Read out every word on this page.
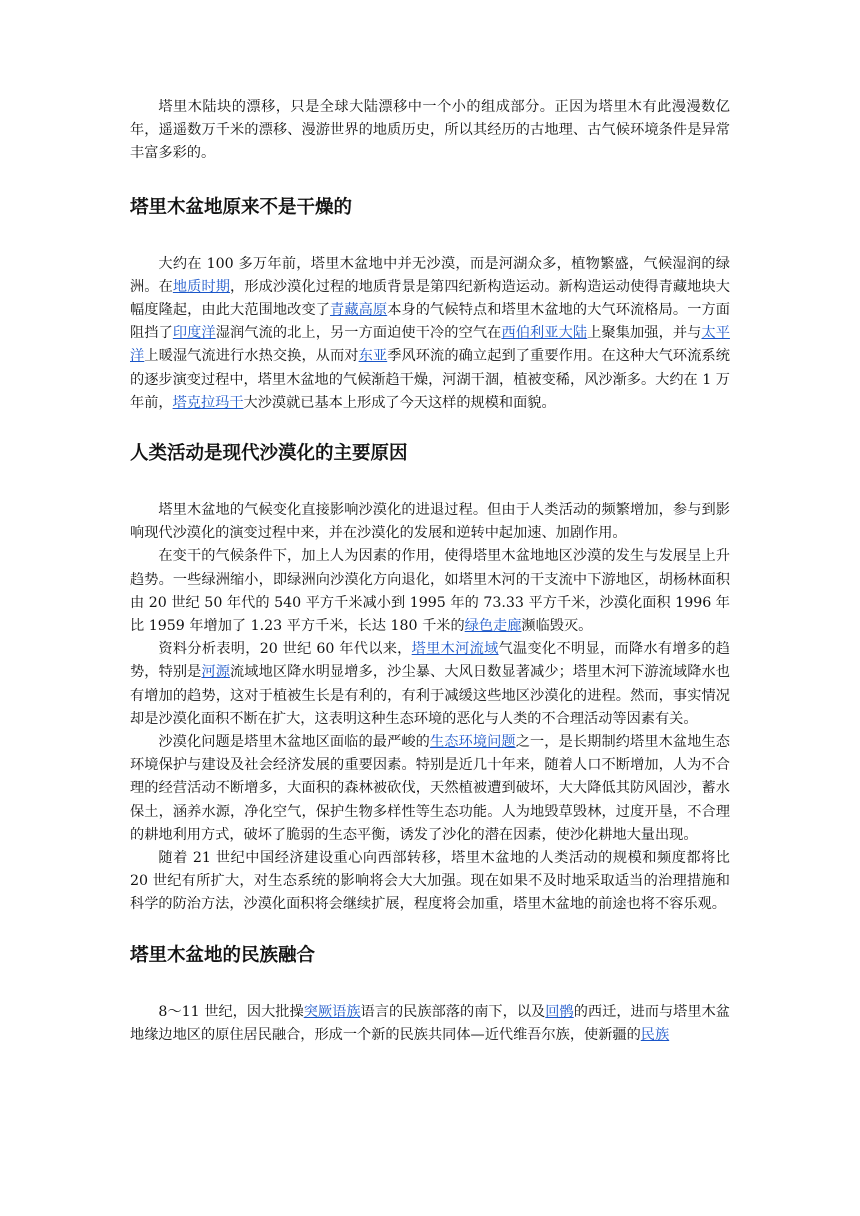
塔里木陆块的漂移，只是全球大陆漂移中一个小的组成部分。正因为塔里木有此漫漫数亿年，遥遥数万千米的漂移、漫游世界的地质历史，所以其经历的古地理、古气候环境条件是异常丰富多彩的。

塔里木盆地原来不是干燥的

大约在 100 多万年前，塔里木盆地中并无沙漠，而是河湖众多，植物繁盛，气候湿润的绿洲。在地质时期，形成沙漠化过程的地质背景是第四纪新构造运动。新构造运动使得青藏地块大幅度隆起，由此大范围地改变了青藏高原本身的气候特点和塔里木盆地的大气环流格局。一方面阻挡了印度洋湿润气流的北上，另一方面迫使干冷的空气在西伯利亚大陆上聚集加强，并与太平洋上暖湿气流进行水热交换，从而对东亚季风环流的确立起到了重要作用。在这种大气环流系统的逐步演变过程中，塔里木盆地的气候渐趋干燥，河湖干涸，植被变稀，风沙渐多。大约在 1 万年前，塔克拉玛干大沙漠就已基本上形成了今天这样的规模和面貌。

人类活动是现代沙漠化的主要原因

塔里木盆地的气候变化直接影响沙漠化的进退过程。但由于人类活动的频繁增加，参与到影响现代沙漠化的演变过程中来，并在沙漠化的发展和逆转中起加速、加剧作用。

在变干的气候条件下，加上人为因素的作用，使得塔里木盆地地区沙漠的发生与发展呈上升趋势。一些绿洲缩小，即绿洲向沙漠化方向退化，如塔里木河的干支流中下游地区，胡杨林面积由 20 世纪 50 年代的 540 平方千米减小到 1995 年的 73.33 平方千米，沙漠化面积 1996 年比 1959 年增加了 1.23 平方千米，长达 180 千米的绿色走廊濒临毁灭。

资料分析表明，20 世纪 60 年代以来，塔里木河流域气温变化不明显，而降水有增多的趋势，特别是河源流域地区降水明显增多，沙尘暴、大风日数显著减少；塔里木河下游流域降水也有增加的趋势，这对于植被生长是有利的，有利于减缓这些地区沙漠化的进程。然而，事实情况却是沙漠化面积不断在扩大，这表明这种生态环境的恶化与人类的不合理活动等因素有关。

沙漠化问题是塔里木盆地区面临的最严峻的生态环境问题之一，是长期制约塔里木盆地生态环境保护与建设及社会经济发展的重要因素。特别是近几十年来，随着人口不断增加，人为不合理的经营活动不断增多，大面积的森林被砍伐，天然植被遭到破坏，大大降低其防风固沙，蓄水保土，涵养水源，净化空气，保护生物多样性等生态功能。人为地毁草毁林，过度开垦，不合理的耕地利用方式，破坏了脆弱的生态平衡，诱发了沙化的潜在因素，使沙化耕地大量出现。

随着 21 世纪中国经济建设重心向西部转移，塔里木盆地的人类活动的规模和频度都将比 20 世纪有所扩大，对生态系统的影响将会大大加强。现在如果不及时地采取适当的治理措施和科学的防治方法，沙漠化面积将会继续扩展，程度将会加重，塔里木盆地的前途也将不容乐观。

塔里木盆地的民族融合

8～11 世纪，因大批操突厥语族语言的民族部落的南下，以及回鹘的西迁，进而与塔里木盆地缘边地区的原住居民融合，形成一个新的民族共同体—近代维吾尔族，使新疆的民族
